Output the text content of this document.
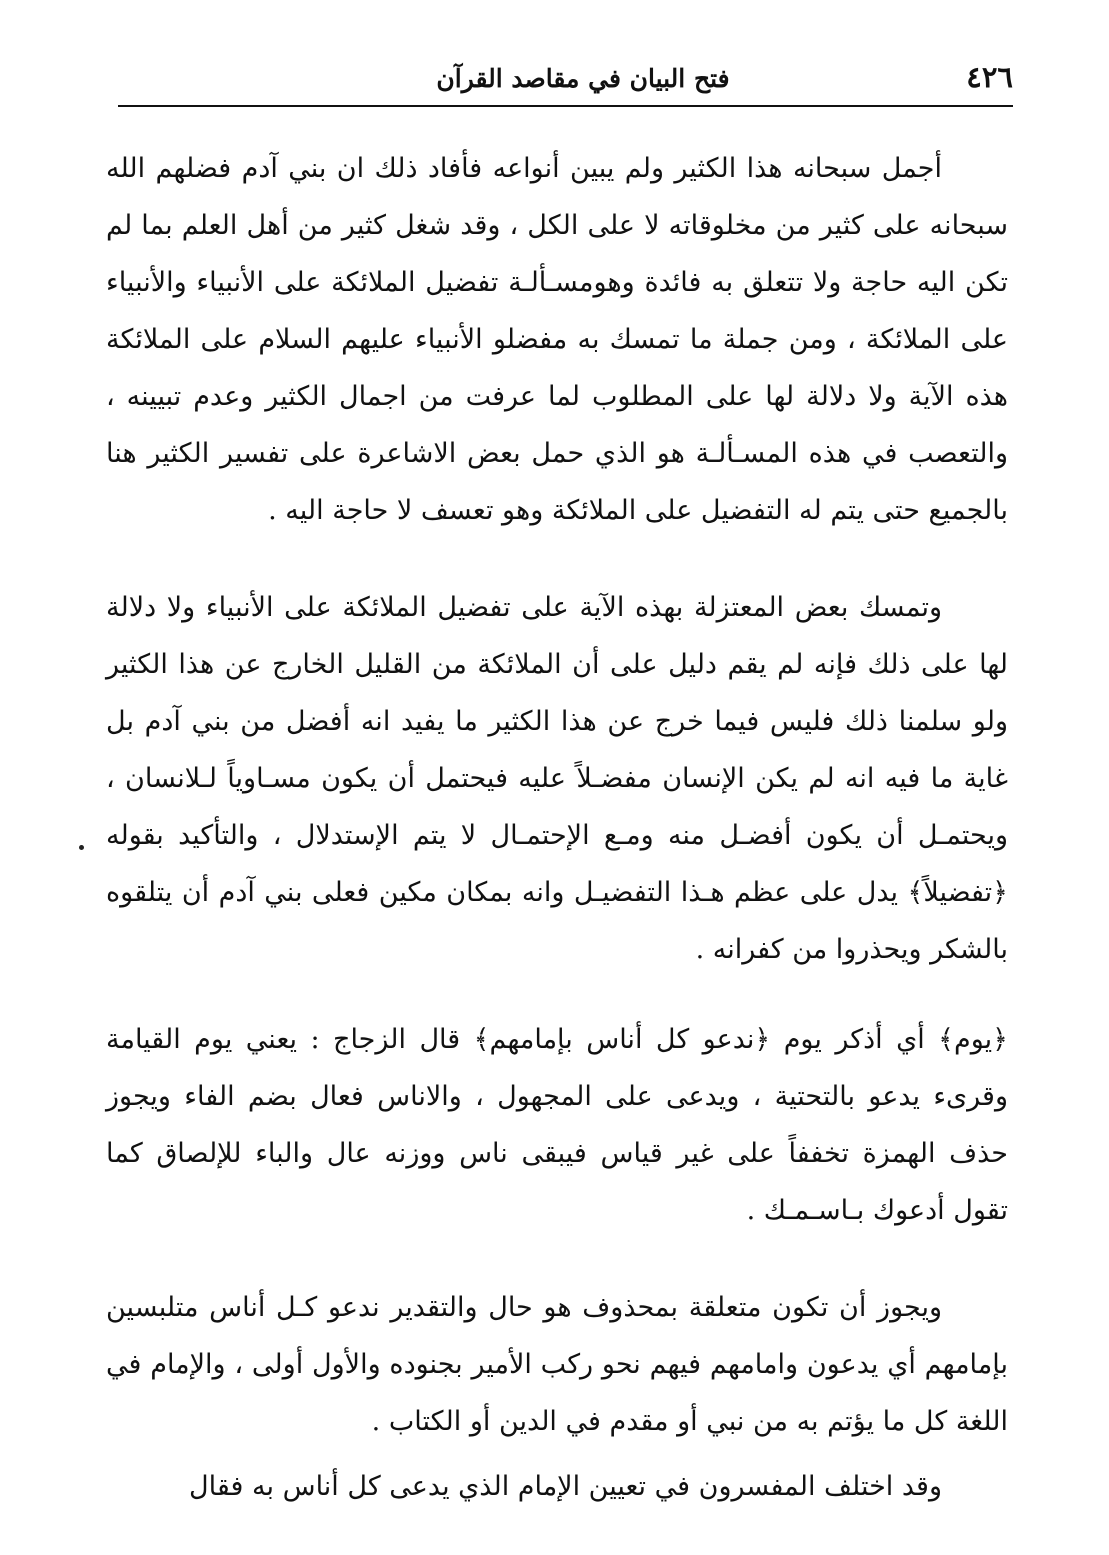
٤٢٦
فتح البيان في مقاصد القرآن

أجمل سبحانه هذا الكثير ولم يبين أنواعه فأفاد ذلك ان بني آدم فضلهم الله سبحانه على كثير من مخلوقاته لا على الكل ، وقد شغل كثير من أهل العلم بما لم تكن اليه حاجة ولا تتعلق به فائدة وهومسـألـة تفضيل الملائكة على الأنبياء والأنبياء على الملائكة ، ومن جملة ما تمسك به مفضلو الأنبياء عليهم السلام على الملائكة هذه الآية ولا دلالة لها على المطلوب لما عرفت من اجمال الكثير وعدم تبيينه ، والتعصب في هذه المسـألـة هو الذي حمل بعض الاشاعرة على تفسير الكثير هنا بالجميع حتى يتم له التفضيل على الملائكة وهو تعسف لا حاجة اليه .

وتمسك بعض المعتزلة بهذه الآية على تفضيل الملائكة على الأنبياء ولا دلالة لها على ذلك فإنه لم يقم دليل على أن الملائكة من القليل الخارج عن هذا الكثير ولو سلمنا ذلك فليس فيما خرج عن هذا الكثير ما يفيد انه أفضل من بني آدم بل غاية ما فيه انه لم يكن الإنسان مفضـلاً عليه فيحتمل أن يكون مسـاوياً لـلانسان ، ويحتمـل أن يكون أفضـل منه ومـع الإحتمـال لا يتم الإستدلال ، والتأكيد بقوله ﴿تفضيلاً﴾ يدل على عظم هـذا التفضيـل وانه بمكان مكين فعلى بني آدم أن يتلقوه بالشكر ويحذروا من كفرانه .

﴿يوم﴾ أي أذكر يوم ﴿ندعو كل أناس بإمامهم﴾ قال الزجاج : يعني يوم القيامة وقرىء يدعو بالتحتية ، ويدعى على المجهول ، والاناس فعال بضم الفاء ويجوز حذف الهمزة تخففاً على غير قياس فيبقى ناس ووزنه عال والباء للإلصاق كما تقول أدعوك بـاسـمـك .

ويجوز أن تكون متعلقة بمحذوف هو حال والتقدير ندعو كـل أناس متلبسين بإمامهم أي يدعون وامامهم فيهم نحو ركب الأمير بجنوده والأول أولى ، والإمام في اللغة كل ما يؤتم به من نبي أو مقدم في الدين أو الكتاب .

وقد اختلف المفسرون في تعيين الإمام الذي يدعى كل أناس به فقال
